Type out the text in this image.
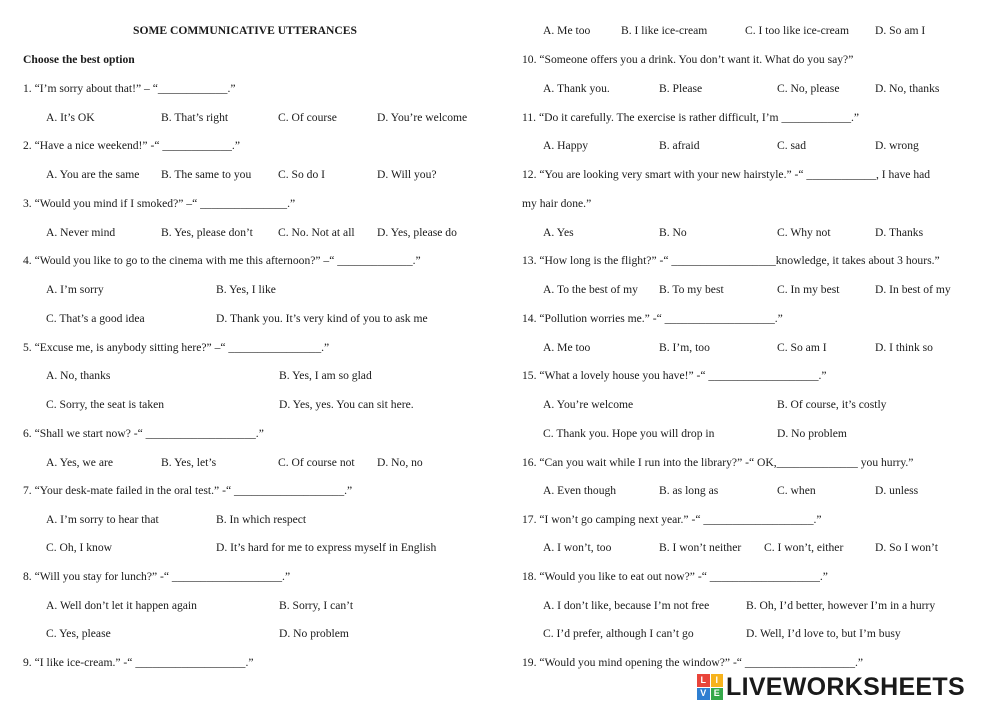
SOME COMMUNICATIVE UTTERANCES
Choose the best option
1. “I’m sorry about that!” – “____________.”
A. It’s OK	B. That’s right	C. Of course	D. You’re welcome
2. “Have a nice weekend!” -“ ____________.”
A. You are the same B. The same to you C. So do I	D. Will you?
3. “Would you mind if I smoked?” –“ _______________.”
A. Never mind	B. Yes, please don’t C. No. Not at all D. Yes, please do
4. “Would you like to go to the cinema with me this afternoon?” –“ _____________.”
A. I’m sorry	B. Yes, I like
C. That’s a good idea	D. Thank you. It’s very kind of you to ask me
5. “Excuse me, is anybody sitting here?” –“ ________________.”
A. No, thanks	B. Yes, I am so glad
C. Sorry, the seat is taken	D. Yes, yes. You can sit here.
6. “Shall we start now? -“ ___________________.”
A. Yes, we are	B. Yes, let’s	C. Of course not D. No, no
7. “Your desk-mate failed in the oral test.” -“ ___________________.”
A. I’m sorry to hear that	B. In which respect
C. Oh, I know	D. It’s hard for me to express myself in English
8. “Will you stay for lunch?” -“ ___________________.”
A. Well don’t let it happen again	B. Sorry, I can’t
C. Yes, please	D. No problem
9. “I like ice-cream.” -“ ___________________.”
A. Me too	B. I like ice-cream	C. I too like ice-cream D. So am I
10. “Someone offers you a drink. You don’t want it. What do you say?”
A. Thank you.	B. Please	C. No, please	D. No, thanks
11. “Do it carefully. The exercise is rather difficult, I’m ____________.”
A. Happy	B. afraid	C. sad	D. wrong
12. “You are looking very smart with your new hairstyle.” -“ ____________, I have had
my hair done.”
A. Yes	B. No	C. Why not	D. Thanks
13. “How long is the flight?” -“ __________________knowledge, it takes about 3 hours.”
A. To the best of my B. To my best	C. In my best	D. In best of my
14. “Pollution worries me.” -“ ___________________.”
A. Me too	B. I’m, too	C. So am I	D. I think so
15. “What a lovely house you have!” -“ ___________________.”
A. You’re welcome	B. Of course, it’s costly
C. Thank you. Hope you will drop in	D. No problem
16. “Can you wait while I run into the library?” -“ OK,______________ you hurry.”
A. Even though	B. as long as	C. when	D. unless
17. “I won’t go camping next year.” -“ ___________________.”
A. I won’t, too	B. I won’t neither C. I won’t, either	D. So I won’t
18. “Would you like to eat out now?” -“ ___________________.”
A. I don’t like, because I’m not free	B. Oh, I’d better, however I’m in a hurry
C. I’d prefer, although I can’t go	D. Well, I’d love to, but I’m busy
19. “Would you mind opening the window?” -“ ___________________.”
L	I
V E LIVEWORKSHEETS
